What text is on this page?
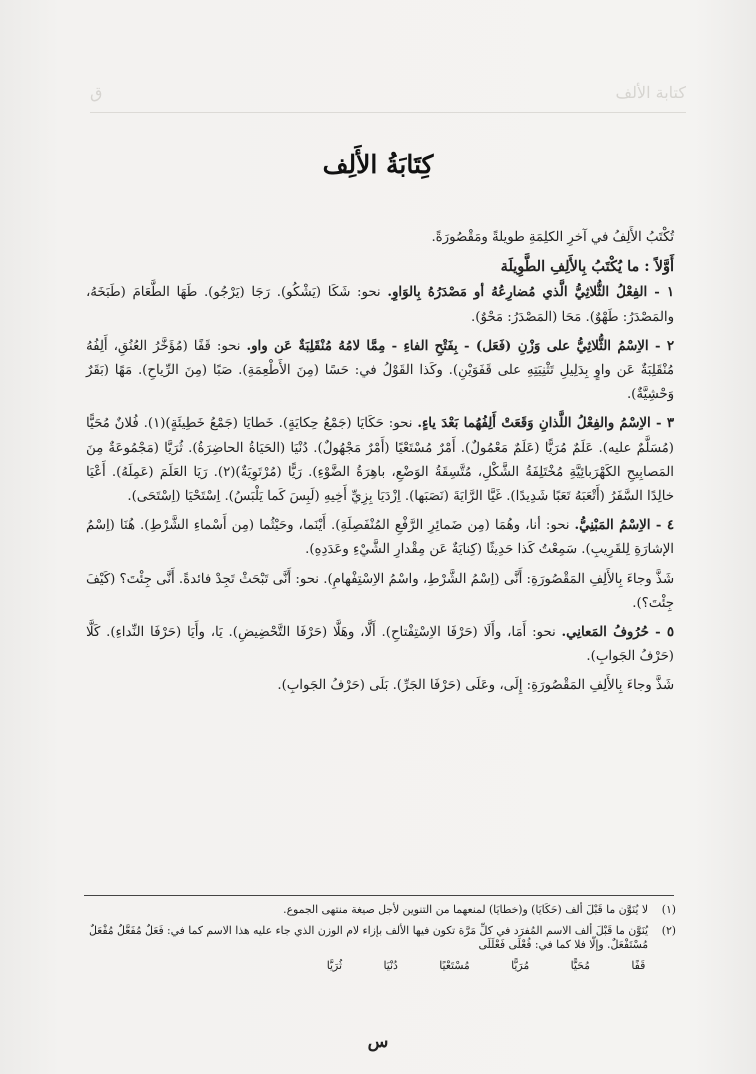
ق	كتابة الألف
كِتَابَةُ الأَلِف

تُكْتَبُ الأَلِفُ في آخرِ الكلِمَةِ طويلةً ومَقْصُورَةً.

أَوَّلاً : ما يُكْتَبُ بِالأَلِفِ الطَّوِيلَة

١ - الفِعْلُ الثُّلاثِيُّ الَّذي مُضارِعُهُ أو مَصْدَرُهُ بِالوَاوِ. نحو: شَكَا (يَشْكُو). رَجَا (يَرْجُو). طَهَا الطَّعَامَ (طَبَخَهُ، والمَصْدَرُ: طَهْوٌ). مَحَا (المَصْدَرُ: مَحْوٌ).

٢ - الاِسْمُ الثُّلاثِيُّ على وَزْنِ (فَعَل) - بِفَتْحِ الفاءِ - مِمَّا لامُهُ مُنْقَلِبَةٌ عَن واو. نحو: قَفًا (مُؤَخَّرُ العُنُقِ، أَلِفُهُ مُنْقَلِبَةٌ عَن واوٍ بِدَلِيلِ تَثْنِيَتِهِ على قَفَوَيْنِ). وكَذا القَوْلُ في: حَسًا (مِنَ الأَطْعِمَةِ). صَبًا (مِنَ الرِّياحِ). مَهًا (بَقَرٌ وَحْشِيَّةٌ).

٣ - الاِسْمُ والفِعْلُ اللَّذانِ وَقَعَتْ أَلِفُهُما بَعْدَ ياءٍ. نحو: حَكَايَا (جَمْعُ حِكايَةٍ). خَطايَا (جَمْعُ خَطِيئَةٍ)(١). فُلانٌ مُحَيًّا (مُسَلَّمٌ عليه). عَلَمٌ مُرَيًّا (عَلَمٌ مَعْمُولٌ). أَمْرٌ مُسْتَعْيًا (أَمْرٌ مَجْهُولٌ). دُنْيَا (الحَيَاةُ الحاضِرَةُ). ثُرَيَّا (مَجْمُوعَةٌ مِنَ المَصابِيحِ الكَهْرَبائِيَّةِ مُخْتَلِفَةُ الشَّكْلِ، مُتَّسِقَةُ الوَضْعِ، باهِرَةُ الضَّوْءِ). رَيًّا (مُرْتَوِيَةٌ)(٢). رَيَا العَلَمَ (عَمِلَهُ). أَعْيَا خالِدًا السَّفَرُ (أَتْعَبَهُ تَعَبًا شَدِيدًا). غَيَّا الرَّايَةَ (نَصَبَها). اِزْدَيَا بِزِيِّ أَخِيهِ (لَبِسَ كَما يَلْبَسُ). اِسْتَحْيَا (اِسْتَحَى).

٤ - الاِسْمُ المَبْنِيُّ. نحو: أنا، وهُمَا (مِن ضَمائِرِ الرَّفْعِ المُنْفَصِلَةِ). أَيْنَما، وحَيْثُما (مِن أَسْماءِ الشَّرْطِ). هُنَا (اِسْمُ الإشارَةِ لِلقَرِيبِ). سَمِعْتُ كَذا حَدِيثًا (كِنايَةٌ عَن مِقْدارِ الشَّيْءِ وعَدَدِهِ).

شَذَّ وجاءَ بِالأَلِفِ المَقْصُورَةِ: أَنَّى (اِسْمُ الشَّرْطِ، واسْمُ الاِسْتِفْهامِ). نحو: أَنَّى تَبْحَثْ تَجِدْ فائدةً. أَنَّى جِئْتَ؟ (كَيْفَ جِئْتَ؟).

٥ - حُرُوفُ المَعانِي. نحو: أَمَا، وأَلَا (حَرْفَا الاِسْتِفْتاحِ). أَلَّا، وهَلَّا (حَرْفَا التَّحْضِيضِ). يَا، وأَيَا (حَرْفَا النِّداءِ). كَلَّا (حَرْفُ الجَوابِ).

شَذَّ وجاءَ بِالأَلِفِ المَقْصُورَةِ: إِلَى، وعَلَى (حَرْفَا الجَرِّ). بَلَى (حَرْفُ الجَوابِ).

(١)
لا يُنَوَّن ما قَبْلَ ألف (حَكَايَا) و(خطايَا) لمنعهما من التنوين لأجل صيغة منتهى الجموع.
(٢)
يُنَوَّن ما قَبْلَ ألف الاسم المُفرَد في كلِّ مَرَّة تكون فيها الألف بإزاء لام الوزن الذي جاء عليه هذا الاسم كما في: فَعَلٌ مُفَعَّلٌ مُفْعَلٌ مُسْتَفْعَلٌ. وإلّا فلا كما في: فُعْلَى فَعْلَلَى
قَفًا
مُحَيًّا
مُرَيًّا
مُسْتَعْيًا
دُنْيَا
ثُرَيَّا
س
